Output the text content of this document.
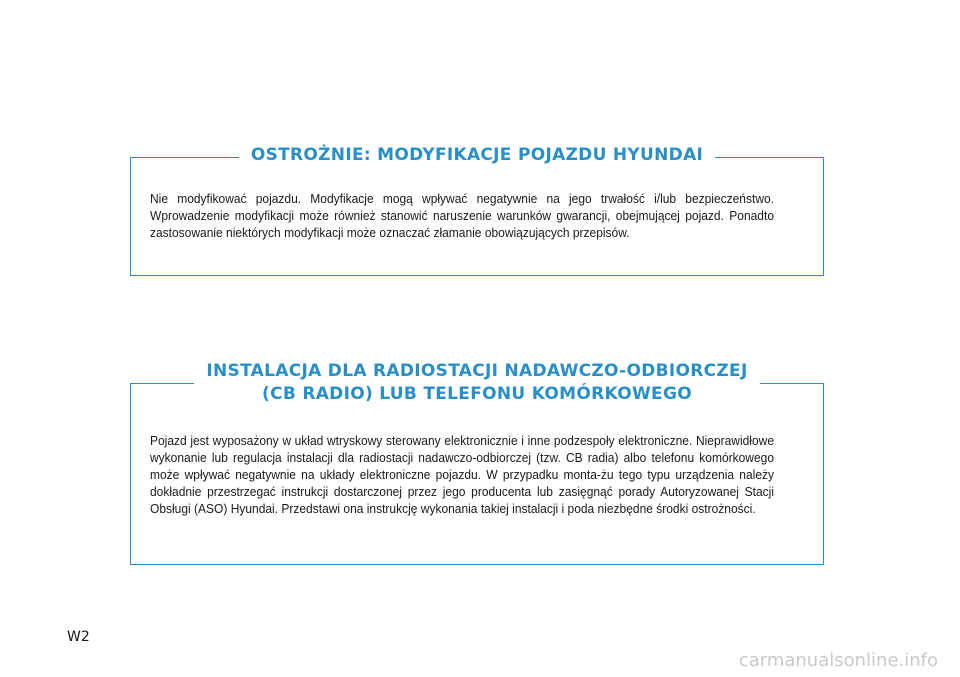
OSTROŻNIE: MODYFIKACJE POJAZDU HYUNDAI
Nie modyfikować pojazdu. Modyfikacje mogą wpływać negatywnie na jego trwałość i/lub bezpieczeństwo. Wprowadzenie modyfikacji może również stanowić naruszenie warunków gwarancji, obejmującej pojazd. Ponadto zastosowanie niektórych modyfikacji może oznaczać złamanie obowiązujących przepisów.
INSTALACJA DLA RADIOSTACJI NADAWCZO-ODBIORCZEJ
(CB RADIO) LUB TELEFONU KOMÓRKOWEGO
Pojazd jest wyposażony w układ wtryskowy sterowany elektronicznie i inne podzespoły elektroniczne. Nieprawidłowe wykonanie lub regulacja instalacji dla radiostacji nadawczo-odbiorczej (tzw. CB radia) albo telefonu komórkowego może wpływać negatywnie na układy elektroniczne pojazdu. W przypadku monta-żu tego typu urządzenia należy dokładnie przestrzegać instrukcji dostarczonej przez jego producenta lub zasięgnąć porady Autoryzowanej Stacji Obsługi (ASO) Hyundai. Przedstawi ona instrukcję wykonania takiej instalacji i poda niezbędne środki ostrożności.
W2
carmanualsonline.info
